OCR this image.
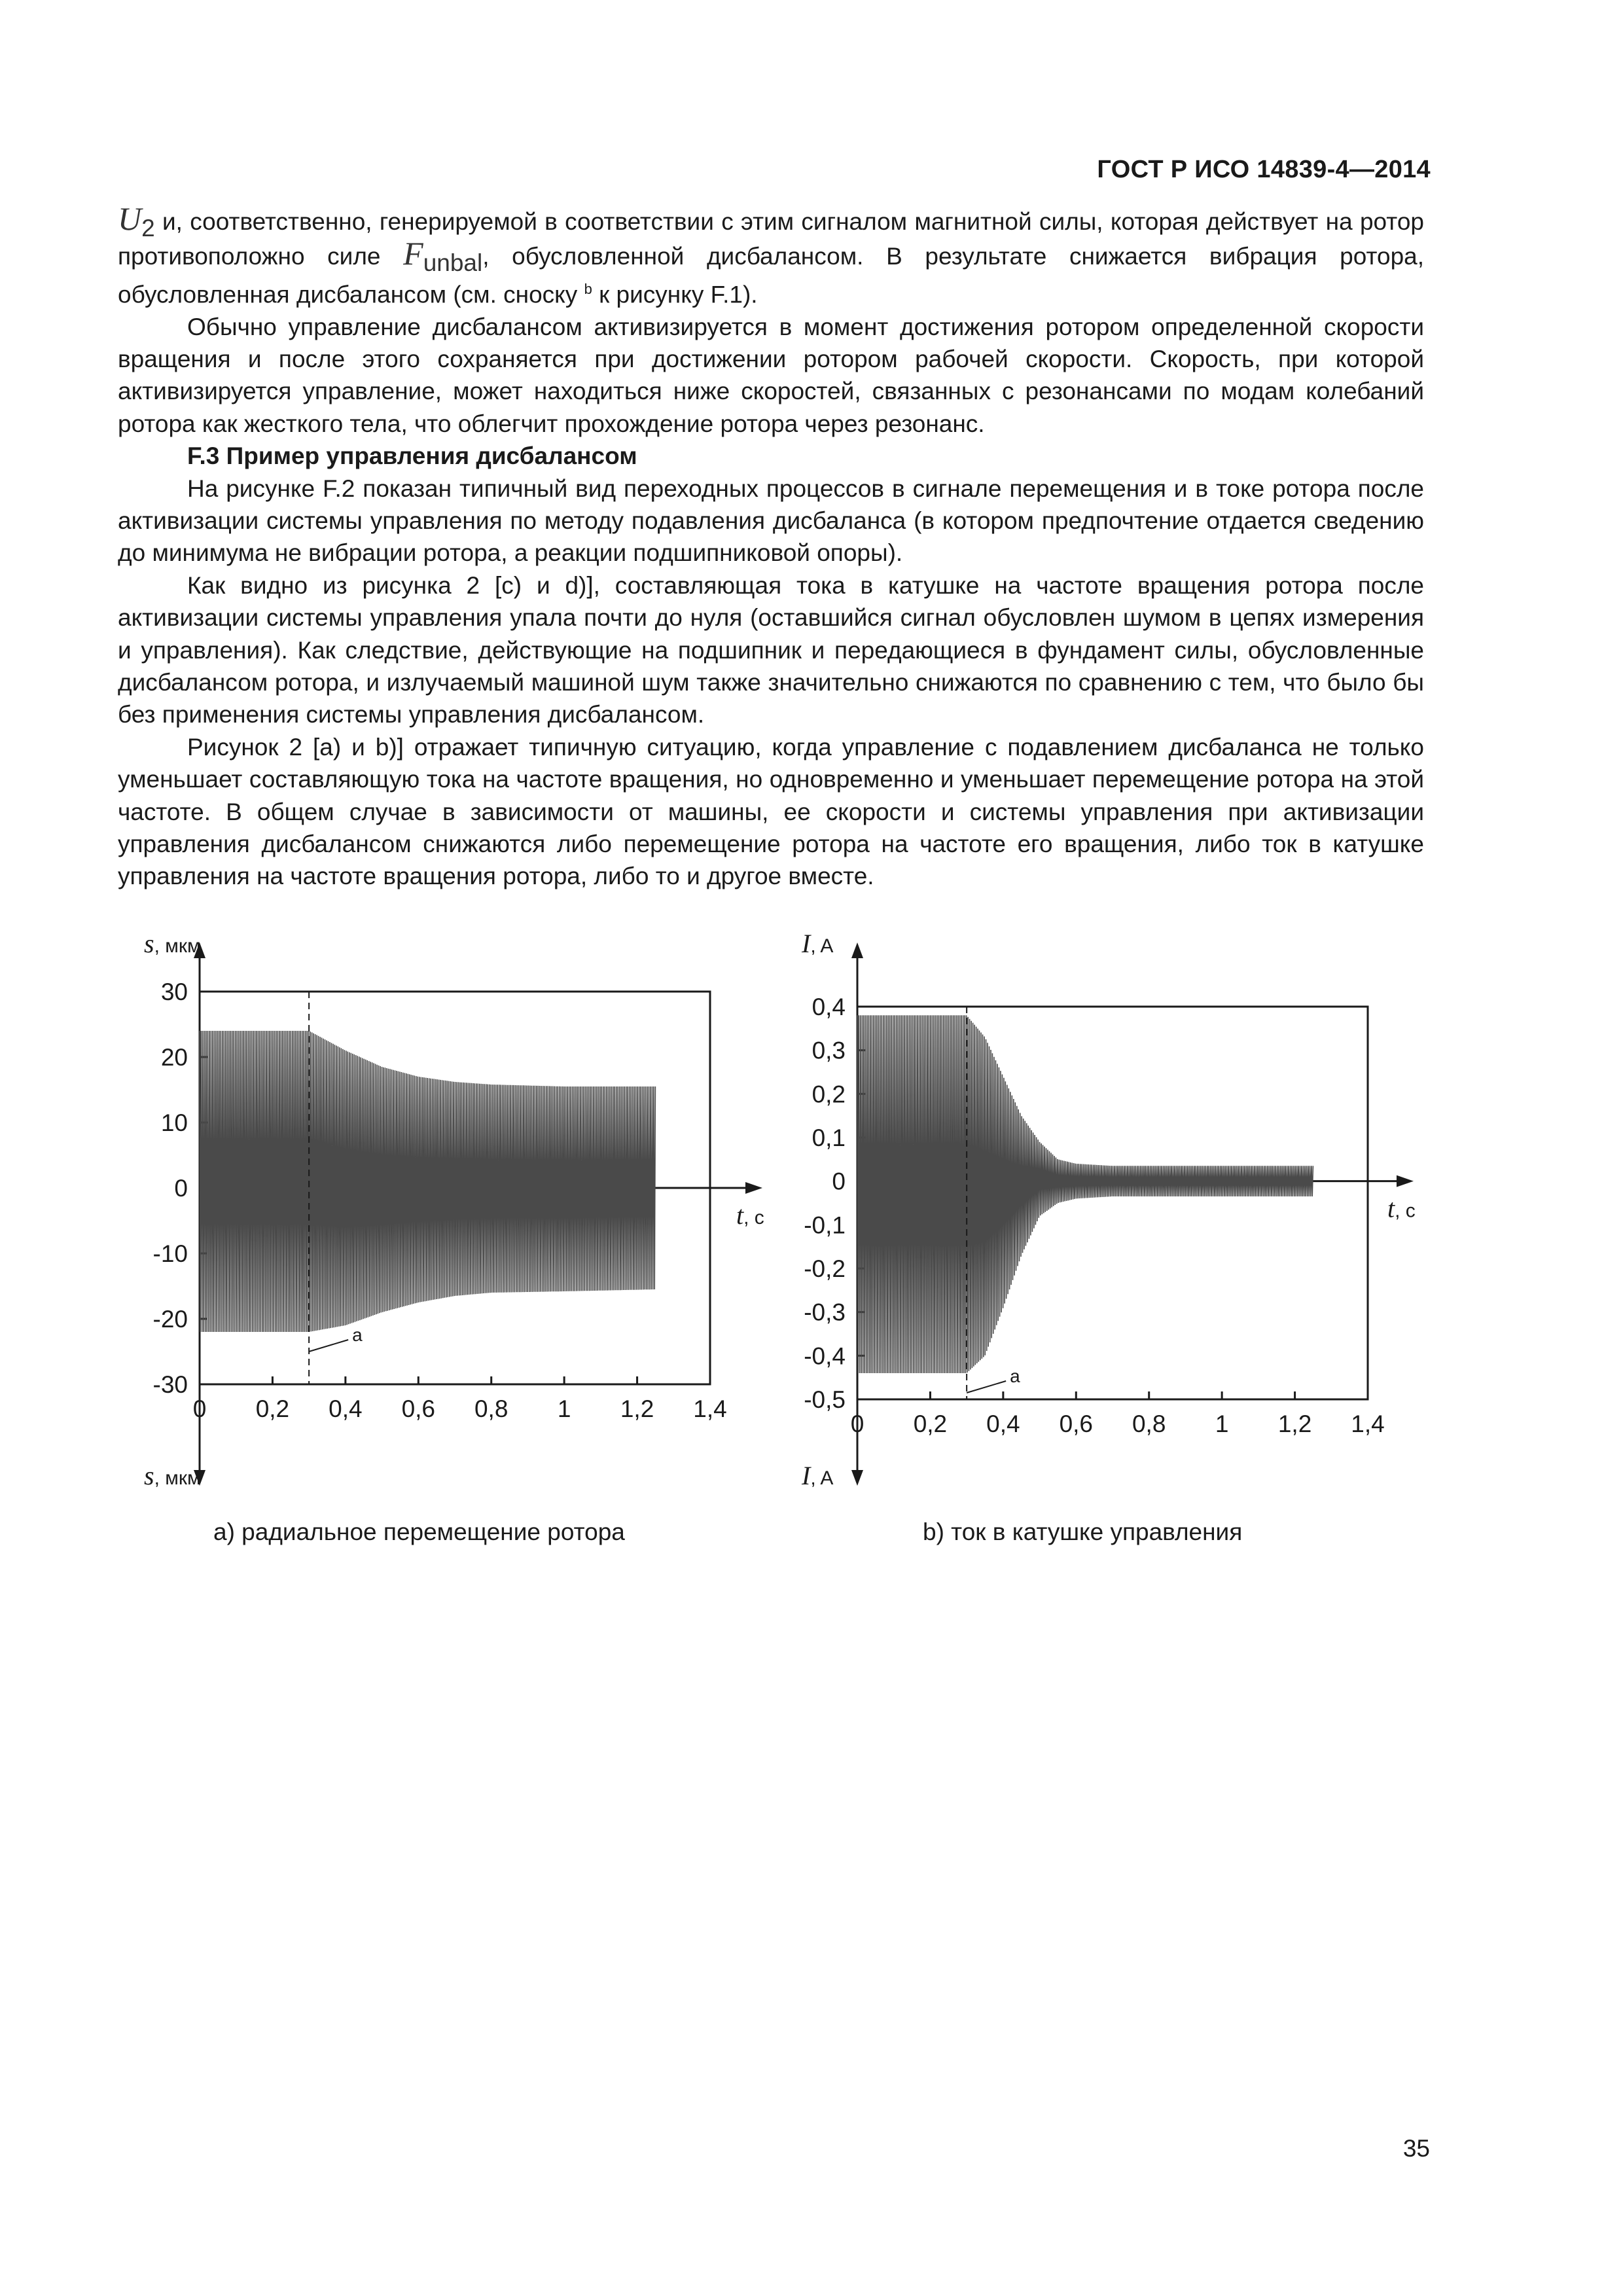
ГОСТ Р ИСО 14839-4—2014

$U_2$ и, соответственно, генерируемой в соответствии с этим сигналом магнитной силы, которая действует на ротор противоположно силе $F_{unbal}$, обусловленной дисбалансом. В результате снижается вибрация ротора, обусловленная дисбалансом (см. сноску $^b$ к рисунку F.1).

Обычно управление дисбалансом активизируется в момент достижения ротором определенной скорости вращения и после этого сохраняется при достижении ротором рабочей скорости. Скорость, при которой активизируется управление, может находиться ниже скоростей, связанных с резонансами по модам колебаний ротора как жесткого тела, что облегчит прохождение ротора через резонанс.

F.3 Пример управления дисбалансом

На рисунке F.2 показан типичный вид переходных процессов в сигнале перемещения и в токе ротора после активизации системы управления по методу подавления дисбаланса (в котором предпочтение отдается сведению до минимума не вибрации ротора, а реакции подшипниковой опоры).

Как видно из рисунка 2 [c) и d)], составляющая тока в катушке на частоте вращения ротора после активизации системы управления упала почти до нуля (оставшийся сигнал обусловлен шумом в цепях измерения и управления). Как следствие, действующие на подшипник и передающиеся в фундамент силы, обусловленные дисбалансом ротора, и излучаемый машиной шум также значительно снижаются по сравнению с тем, что было бы без применения системы управления дисбалансом.

Рисунок 2 [a) и b)] отражает типичную ситуацию, когда управление с подавлением дисбаланса не только уменьшает составляющую тока на частоте вращения, но одновременно и уменьшает перемещение ротора на этой частоте. В общем случае в зависимости от машины, ее скорости и системы управления при активизации управления дисбалансом снижаются либо перемещение ротора на частоте его вращения, либо ток в катушке управления на частоте вращения ротора, либо то и другое вместе.

30
20
10
0
-10
-20
-30
0 0,2 0,4 0,6 0,8 1 1,2 1,4
s, мкм
s, мкм
t, с
a
0,4
0,3
0,2
0,1
0
-0,1
-0,2
-0,3
-0,4
-0,5
0 0,2 0,4 0,6 0,8 1 1,2 1,4
I, A
I, A
t, с
a
a) радиальное перемещение ротора	b) ток в катушке управления
35
